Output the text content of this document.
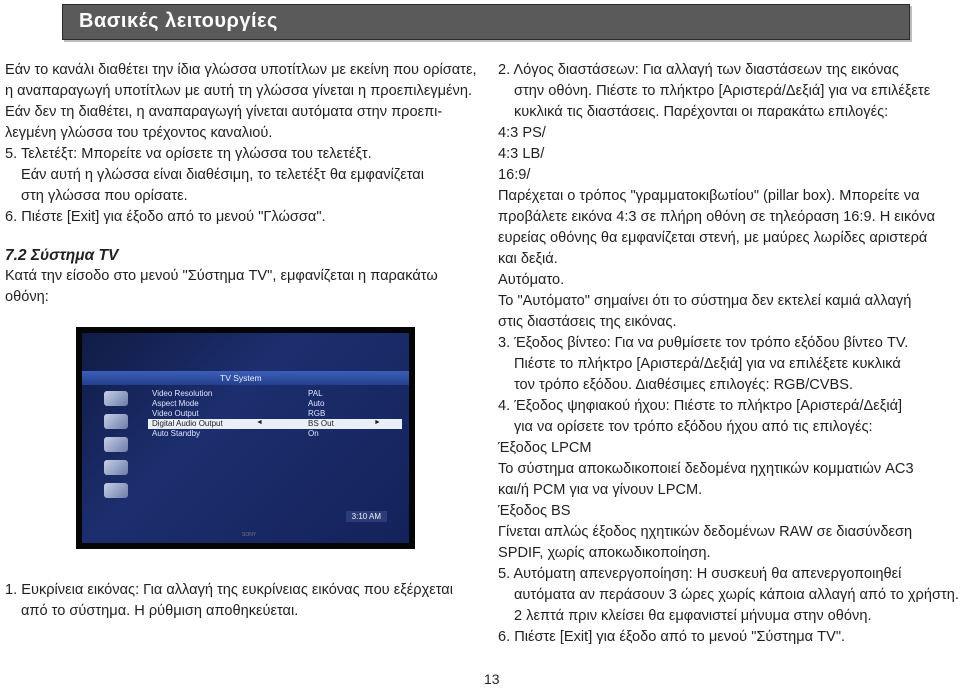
Βασικές λειτουργίες

Εάν το κανάλι διαθέτει την ίδια γλώσσα υποτίτλων με εκείνη που ορίσατε,

η αναπαραγωγή υποτίτλων με αυτή τη γλώσσα γίνεται η προεπιλεγμένη.

Εάν δεν τη διαθέτει, η αναπαραγωγή γίνεται αυτόματα στην προεπι-

λεγμένη γλώσσα του τρέχοντος καναλιού.

5. Τελετέξτ: Μπορείτε να ορίσετε τη γλώσσα του τελετέξτ.

Εάν αυτή η γλώσσα είναι διαθέσιμη, το τελετέξτ θα εμφανίζεται

στη γλώσσα που ορίσατε.

6. Πιέστε [Exit] για έξοδο από το μενού "Γλώσσα".

7.2 Σύστημα TV

Κατά την είσοδο στο μενού "Σύστημα TV", εμφανίζεται η παρακάτω

οθόνη:

TV System
Video Resolution	PAL
Aspect Mode	Auto
Video Output	RGB
Digital Audio Output	◄	BS Out	►
Auto Standby	On
3:10 AM
SONY

1. Ευκρίνεια εικόνας: Για αλλαγή της ευκρίνειας εικόνας που εξέρχεται

από το σύστημα. Η ρύθμιση αποθηκεύεται.

2. Λόγος διαστάσεων: Για αλλαγή των διαστάσεων της εικόνας

στην οθόνη. Πιέστε το πλήκτρο [Αριστερά/Δεξιά] για να επιλέξετε

κυκλικά τις διαστάσεις. Παρέχονται οι παρακάτω επιλογές:

4:3 PS/

4:3 LB/

16:9/

Παρέχεται ο τρόπος "γραμματοκιβωτίου" (pillar box). Μπορείτε να

προβάλετε εικόνα 4:3 σε πλήρη οθόνη σε τηλεόραση 16:9. Η εικόνα

ευρείας οθόνης θα εμφανίζεται στενή, με μαύρες λωρίδες αριστερά

και δεξιά.

Αυτόματο.

Το "Αυτόματο" σημαίνει ότι το σύστημα δεν εκτελεί καμιά αλλαγή

στις διαστάσεις της εικόνας.

3. Έξοδος βίντεο: Για να ρυθμίσετε τον τρόπο εξόδου βίντεο TV.

Πιέστε το πλήκτρο [Αριστερά/Δεξιά] για να επιλέξετε κυκλικά

τον τρόπο εξόδου. Διαθέσιμες επιλογές: RGB/CVBS.

4. Έξοδος ψηφιακού ήχου: Πιέστε το πλήκτρο [Αριστερά/Δεξιά]

για να ορίσετε τον τρόπο εξόδου ήχου από τις επιλογές:

Έξοδος LPCM

Το σύστημα αποκωδικοποιεί δεδομένα ηχητικών κομματιών AC3

και/ή PCM για να γίνουν LPCM.

Έξοδος BS

Γίνεται απλώς έξοδος ηχητικών δεδομένων RAW σε διασύνδεση

SPDIF, χωρίς αποκωδικοποίηση.

5. Αυτόματη απενεργοποίηση: Η συσκευή θα απενεργοποιηθεί

αυτόματα αν περάσουν 3 ώρες χωρίς κάποια αλλαγή από το χρήστη.

2 λεπτά πριν κλείσει θα εμφανιστεί μήνυμα στην οθόνη.

6. Πιέστε [Exit] για έξοδο από το μενού "Σύστημα TV".

13
